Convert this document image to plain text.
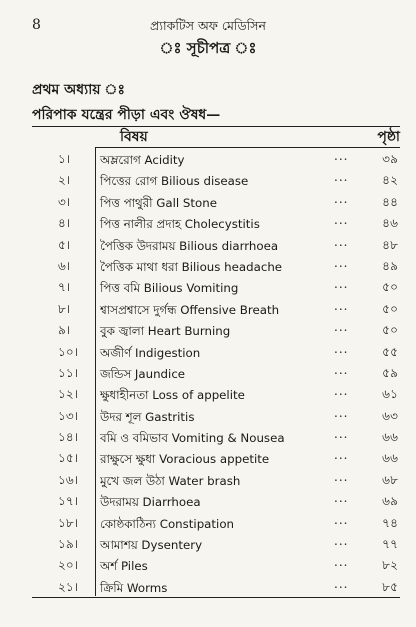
8	প্র্যাকটিস অফ মেডিসিন
ঃ সূচীপত্র ঃ
প্রথম অধ্যায় ঃ
পরিপাক যন্ত্রের পীড়া এবং ঔষধ—
বিষয়	পৃষ্ঠা
১।	অম্লরোগ Acidity	...	৩৯
২।	পিত্তের রোগ Bilious disease	...	৪২
৩।	পিত্ত পাথুরী Gall Stone	...	৪৪
৪।	পিত্ত নালীর প্রদাহ Cholecystitis	...	৪৬
৫।	পৈত্তিক উদরাময় Bilious diarrhoea	...	৪৮
৬।	পৈত্তিক মাথা ধরা Bilious headache	...	৪৯
৭।	পিত্ত বমি Bilious Vomiting	...	৫০
৮।	শ্বাসপ্রশ্বাসে দুর্গন্ধ Offensive Breath	...	৫০
৯।	বুক জ্বালা Heart Burning	...	৫০
১০।	অজীর্ণ Indigestion	...	৫৫
১১।	জন্ডিস Jaundice	...	৫৯
১২।	ক্ষুধাহীনতা Loss of appelite	...	৬১
১৩।	উদর শূল Gastritis	...	৬৩
১৪।	বমি ও বমিভাব Vomiting & Nousea	...	৬৬
১৫।	রাক্ষুসে ক্ষুধা Voracious appetite	...	৬৬
১৬।	মুখে জল উঠা Water brash	...	৬৮
১৭।	উদরাময় Diarrhoea	...	৬৯
১৮।	কোষ্ঠকাঠিন্য Constipation	...	৭৪
১৯।	আমাশয় Dysentery	...	৭৭
২০।	অর্শ Piles	...	৮২
২১।	ক্রিমি Worms	...	৮৫
